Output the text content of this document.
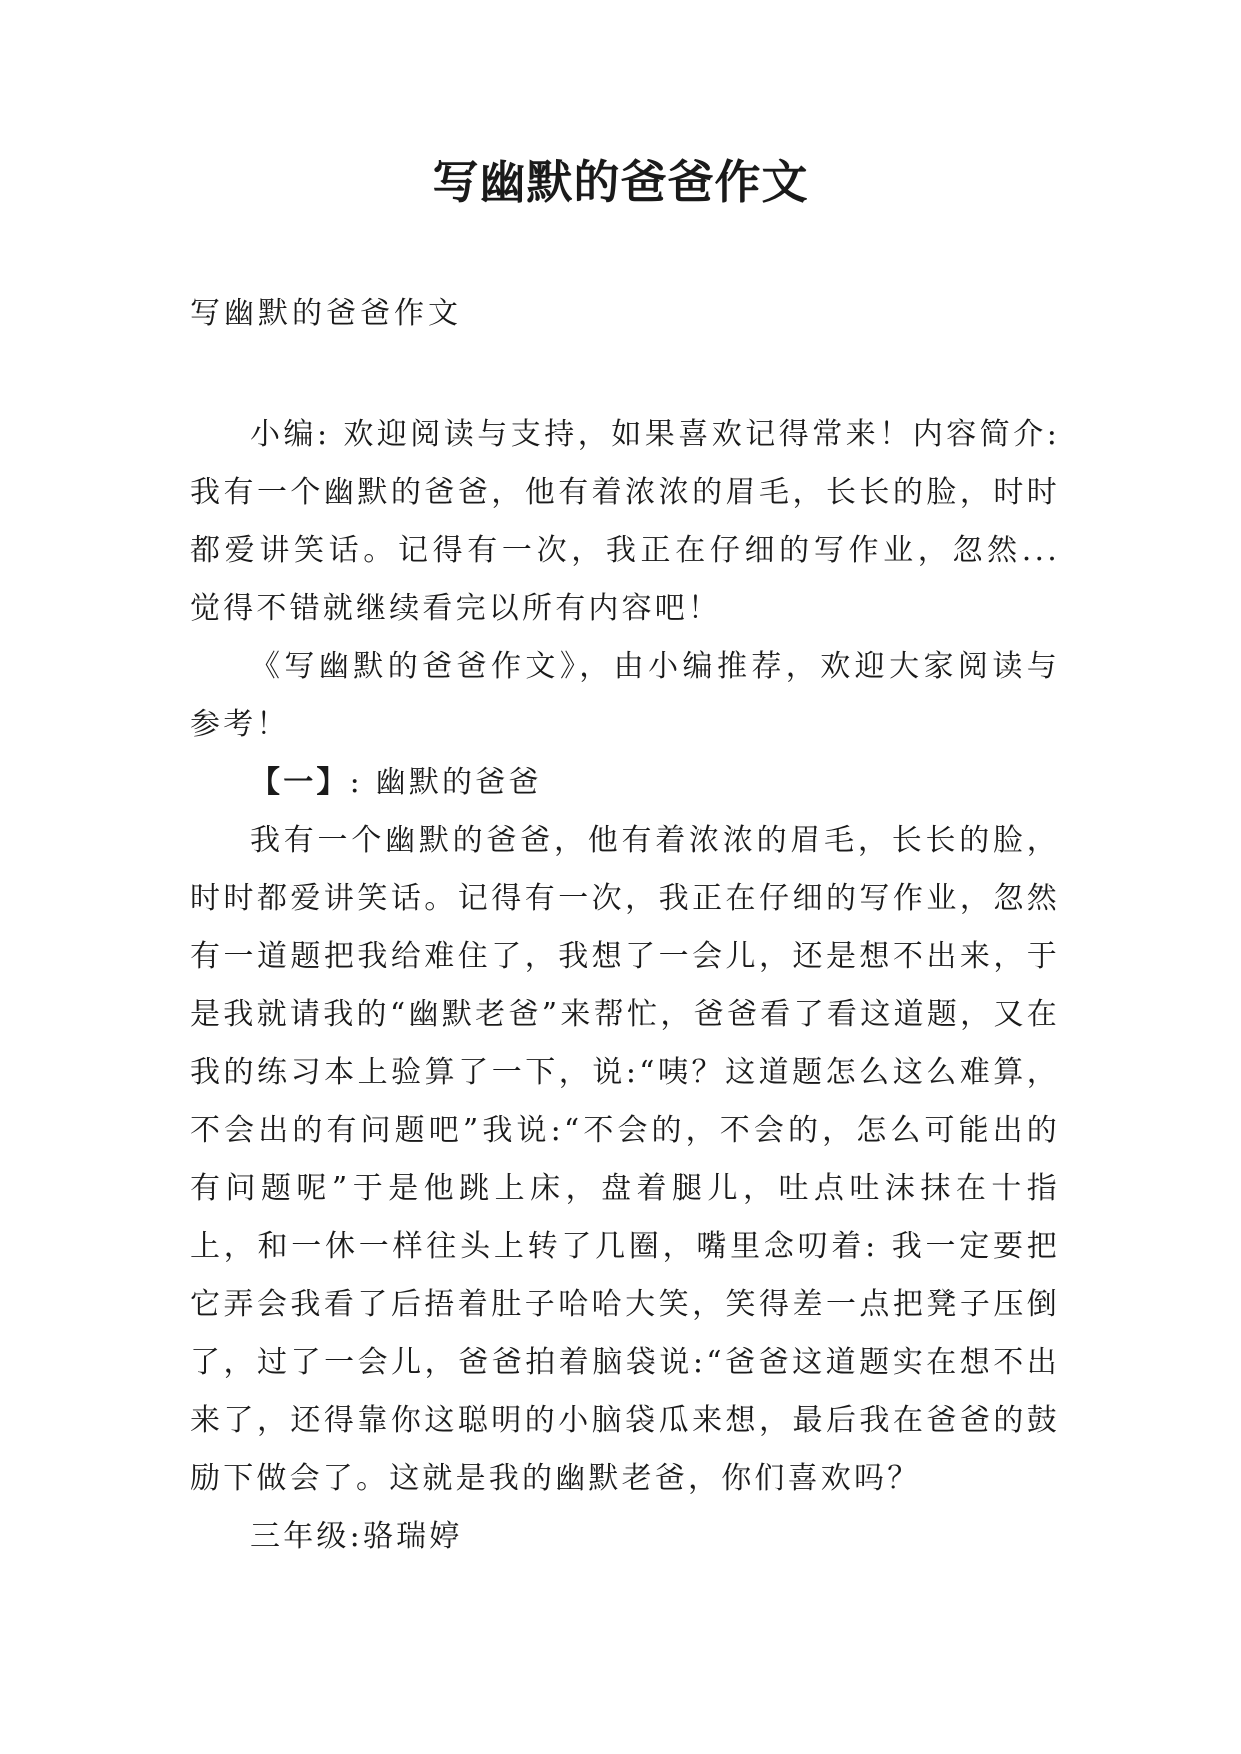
写幽默的爸爸作文
写幽默的爸爸作文

小编: 欢迎阅读与支持，如果喜欢记得常来！内容简介: 我有一个幽默的爸爸，他有着浓浓的眉毛，长长的脸，时时都爱讲笑话。记得有一次，我正在仔细的写作业，忽然... 觉得不错就继续看完以所有内容吧！

《写幽默的爸爸作文》，由小编推荐，欢迎大家阅读与参考！

【一】: 幽默的爸爸

我有一个幽默的爸爸，他有着浓浓的眉毛，长长的脸，时时都爱讲笑话。记得有一次，我正在仔细的写作业，忽然有一道题把我给难住了，我想了一会儿，还是想不出来，于是我就请我的“幽默老爸”来帮忙，爸爸看了看这道题，又在我的练习本上验算了一下，说:“咦？这道题怎么这么难算，不会出的有问题吧”我说:“不会的，不会的，怎么可能出的有问题呢”于是他跳上床，盘着腿儿，吐点吐沫抹在十指上，和一休一样往头上转了几圈，嘴里念叨着: 我一定要把它弄会我看了后捂着肚子哈哈大笑，笑得差一点把凳子压倒了，过了一会儿，爸爸拍着脑袋说:“爸爸这道题实在想不出来了，还得靠你这聪明的小脑袋瓜来想，最后我在爸爸的鼓励下做会了。这就是我的幽默老爸，你们喜欢吗？

三年级:骆瑞婷
